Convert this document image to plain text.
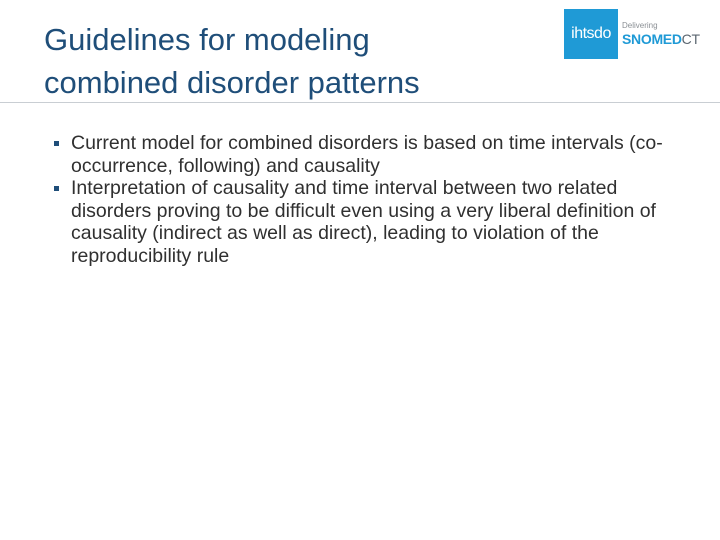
Guidelines for modeling
combined disorder patterns
ihtsdo Delivering
SNOMEDCT
Current model for combined disorders is based on time intervals (co-occurrence, following) and causality
Interpretation of causality and time interval between two related disorders proving to be difficult even using a very liberal definition of causality (indirect as well as direct), leading to violation of the reproducibility rule
